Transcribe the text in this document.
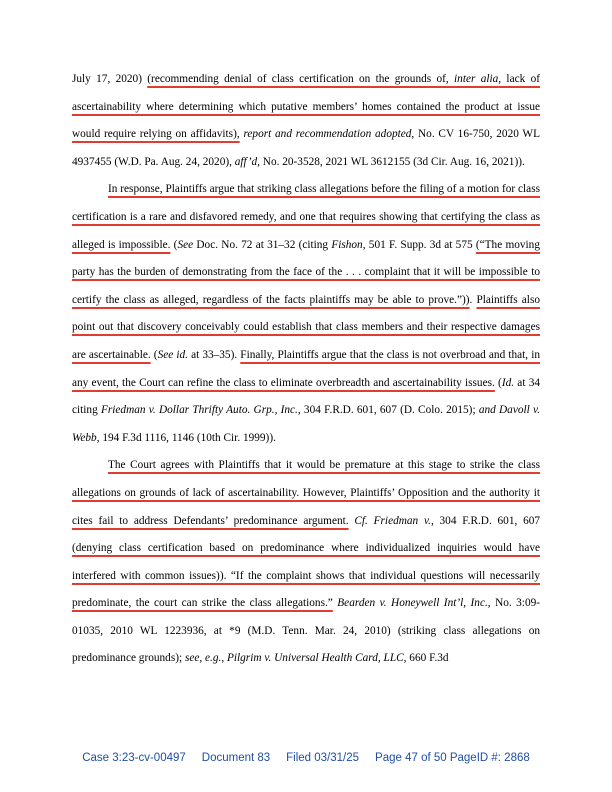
July 17, 2020) (recommending denial of class certification on the grounds of, inter alia, lack of ascertainability where determining which putative members’ homes contained the product at issue would require relying on affidavits), report and recommendation adopted, No. CV 16-750, 2020 WL 4937455 (W.D. Pa. Aug. 24, 2020), aff’d, No. 20-3528, 2021 WL 3612155 (3d Cir. Aug. 16, 2021)).

In response, Plaintiffs argue that striking class allegations before the filing of a motion for class certification is a rare and disfavored remedy, and one that requires showing that certifying the class as alleged is impossible. (See Doc. No. 72 at 31–32 (citing Fishon, 501 F. Supp. 3d at 575 (“The moving party has the burden of demonstrating from the face of the . . . complaint that it will be impossible to certify the class as alleged, regardless of the facts plaintiffs may be able to prove.”)). Plaintiffs also point out that discovery conceivably could establish that class members and their respective damages are ascertainable. (See id. at 33–35). Finally, Plaintiffs argue that the class is not overbroad and that, in any event, the Court can refine the class to eliminate overbreadth and ascertainability issues. (Id. at 34 citing Friedman v. Dollar Thrifty Auto. Grp., Inc., 304 F.R.D. 601, 607 (D. Colo. 2015); and Davoll v. Webb, 194 F.3d 1116, 1146 (10th Cir. 1999)).

The Court agrees with Plaintiffs that it would be premature at this stage to strike the class allegations on grounds of lack of ascertainability. However, Plaintiffs’ Opposition and the authority it cites fail to address Defendants’ predominance argument. Cf. Friedman v., 304 F.R.D. 601, 607 (denying class certification based on predominance where individualized inquiries would have interfered with common issues)). “If the complaint shows that individual questions will necessarily predominate, the court can strike the class allegations.” Bearden v. Honeywell Int’l, Inc., No. 3:09-01035, 2010 WL 1223936, at *9 (M.D. Tenn. Mar. 24, 2010) (striking class allegations on predominance grounds); see, e.g., Pilgrim v. Universal Health Card, LLC, 660 F.3d

Case 3:23-cv-00497 Document 83 Filed 03/31/25 Page 47 of 50 PageID #: 2868
